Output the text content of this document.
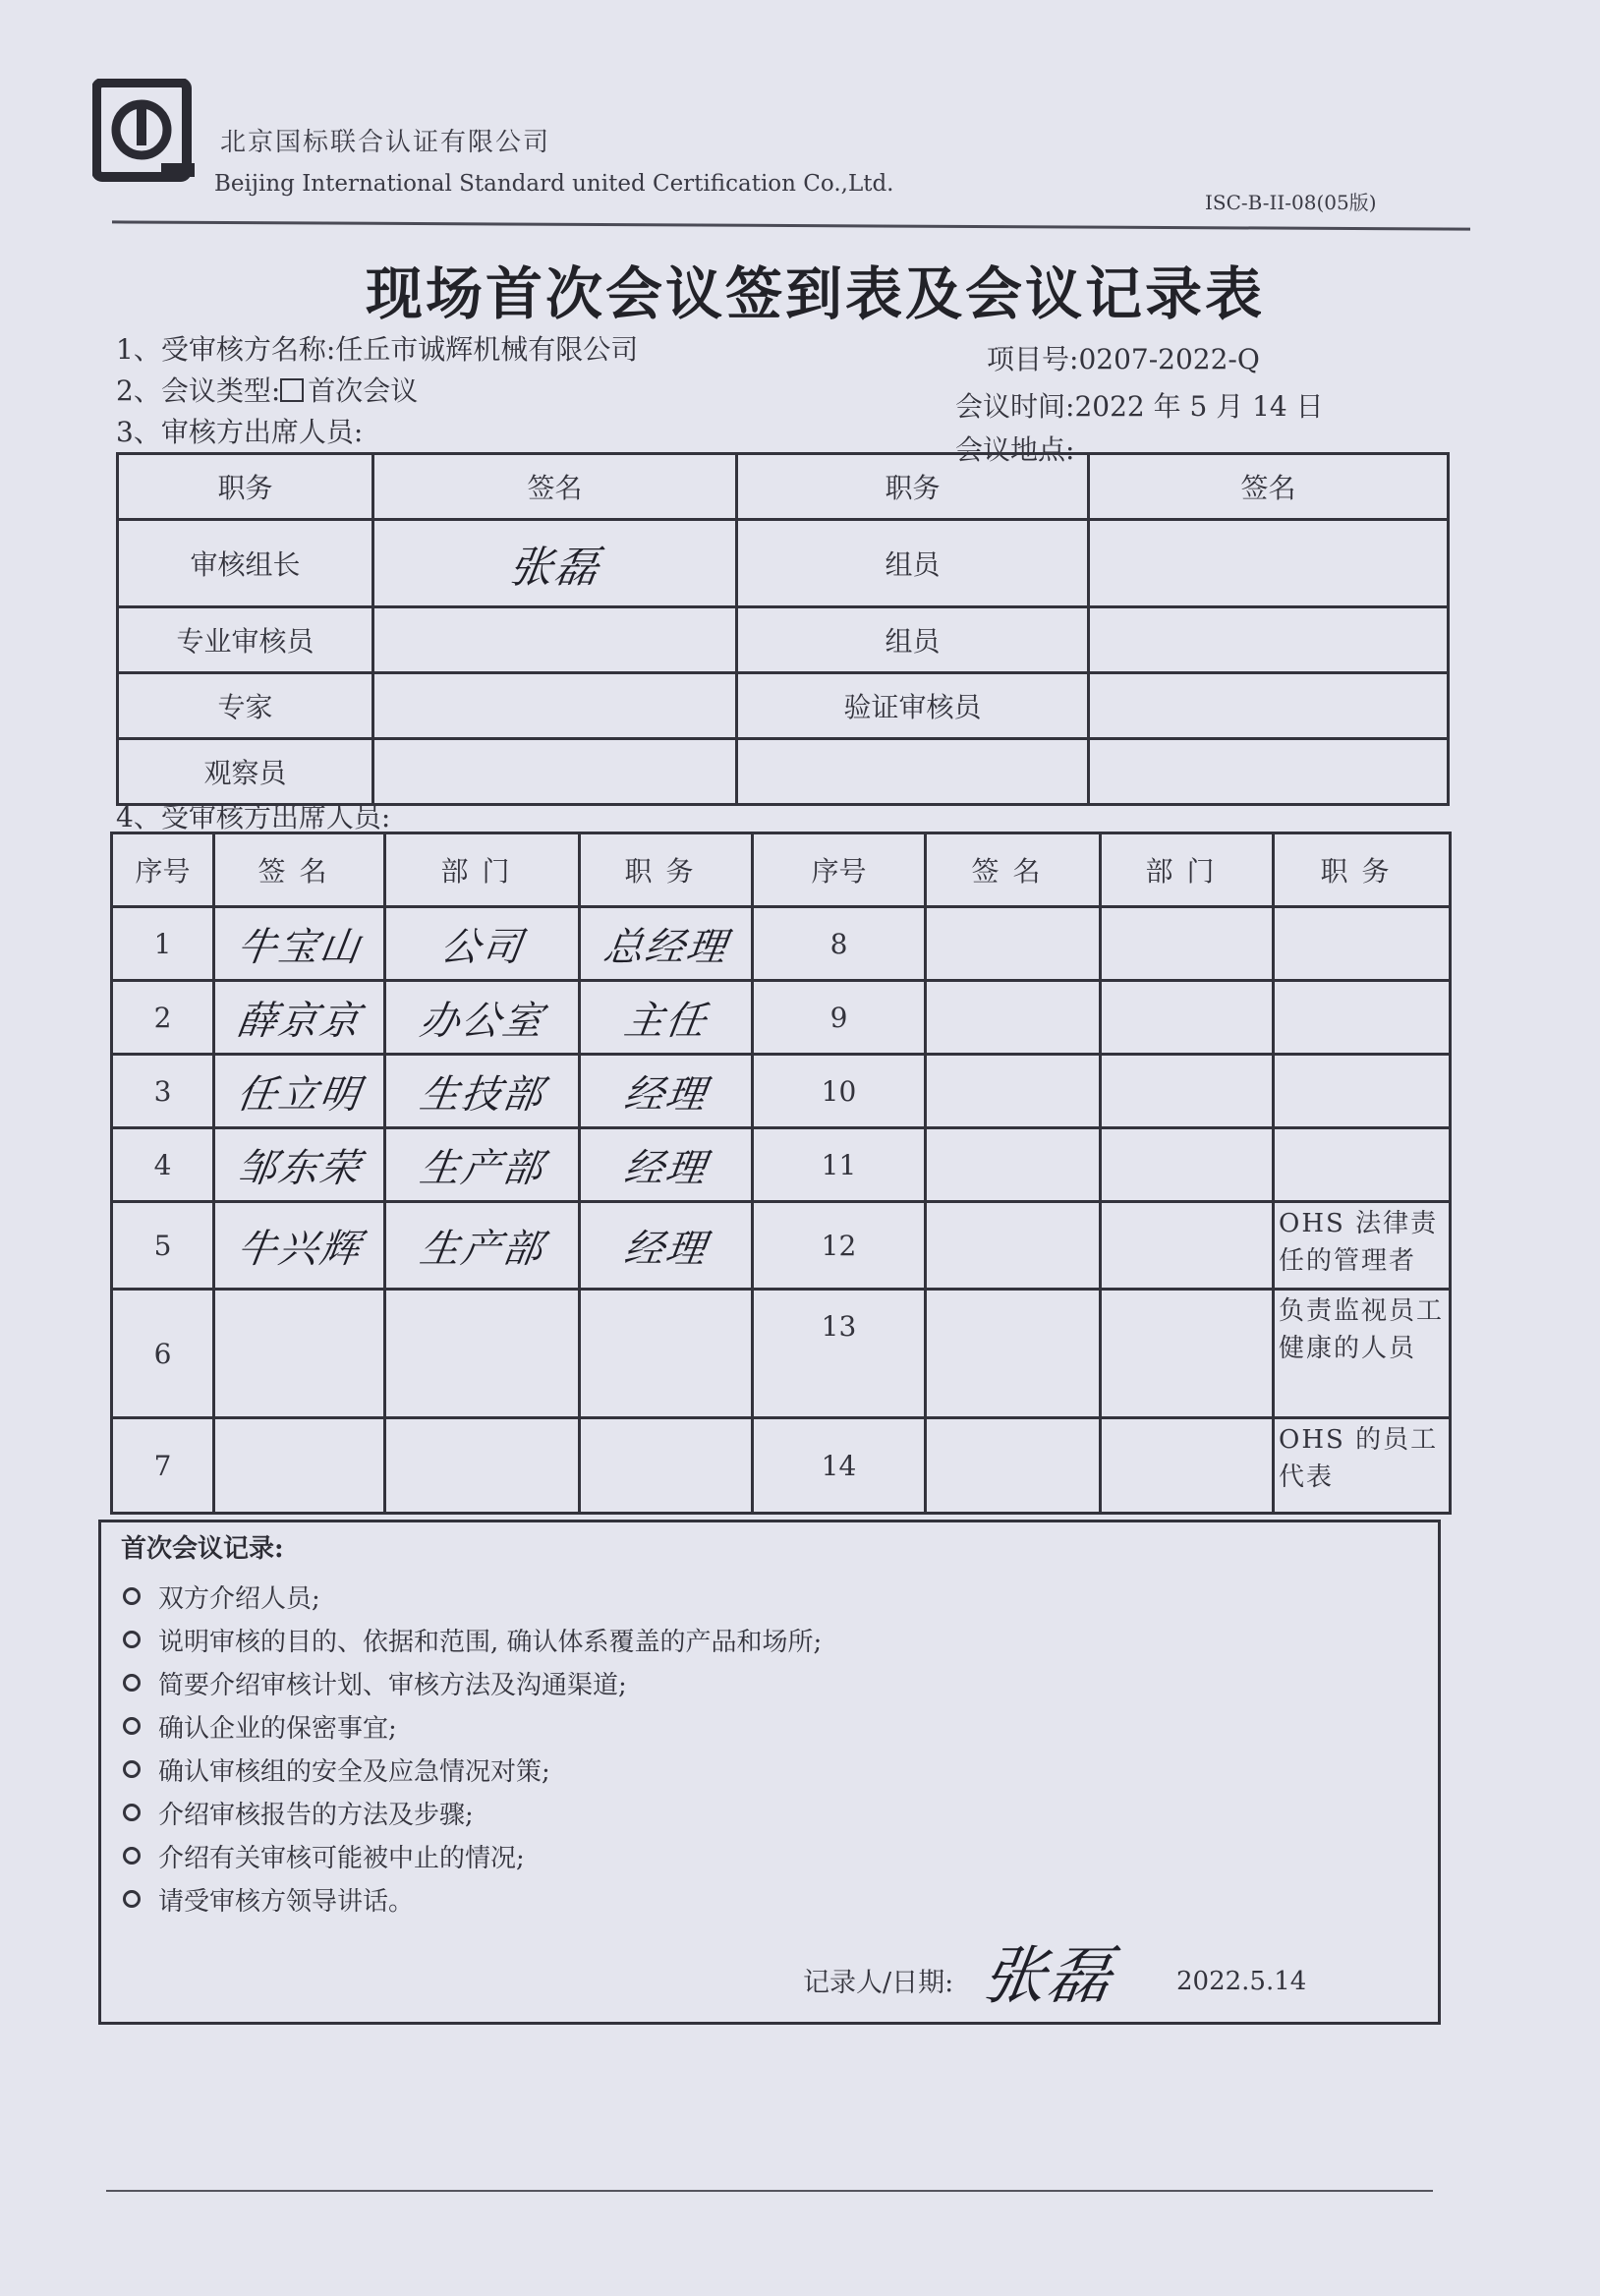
北京国标联合认证有限公司
Beijing International Standard united Certification Co.,Ltd.
ISC-B-II-08(05版)
现场首次会议签到表及会议记录表
1、受审核方名称:任丘市诚辉机械有限公司
2、会议类型: 首次会议
3、审核方出席人员:
项目号:0207-2022-Q
会议时间:2022 年 5 月 14 日
会议地点:
职务	签名	职务	签名
审核组长	张磊	组员	
专业审核员		组员	
专家		验证审核员	
观察员			
4、受审核方出席人员:
序号	签名	部门	职务	序号	签名	部门	职务
1	牛宝山	公司	总经理	8			
2	薛京京	办公室	主任	9			
3	任立明	生技部	经理	10			
4	邹东荣	生产部	经理	11			
5	牛兴辉	生产部	经理	12			OHS 法律责任的管理者
6				13			负责监视员工健康的人员
7				14			OHS 的员工代表
首次会议记录:
双方介绍人员;
说明审核的目的、依据和范围, 确认体系覆盖的产品和场所;
简要介绍审核计划、审核方法及沟通渠道;
确认企业的保密事宜;
确认审核组的安全及应急情况对策;
介绍审核报告的方法及步骤;
介绍有关审核可能被中止的情况;
请受审核方领导讲话。
记录人/日期: 张磊 2022.5.14
